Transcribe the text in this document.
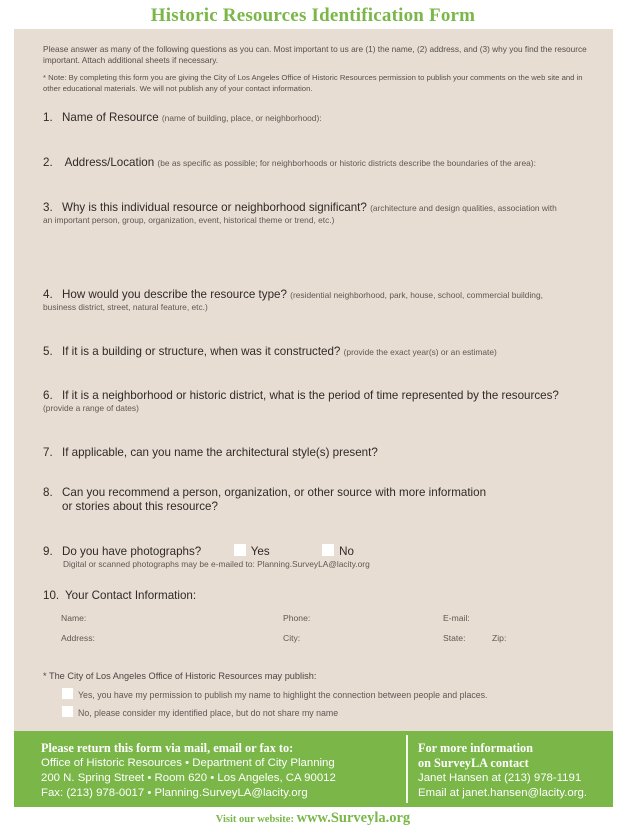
Historic Resources Identification Form
Please answer as many of the following questions as you can. Most important to us are (1) the name, (2) address, and (3) why you find the resource important. Attach additional sheets if necessary.
* Note: By completing this form you are giving the City of Los Angeles Office of Historic Resources permission to publish your comments on the web site and in other educational materials. We will not publish any of your contact information.
1. Name of Resource (name of building, place, or neighborhood):
2. Address/Location (be as specific as possible; for neighborhoods or historic districts describe the boundaries of the area):
3. Why is this individual resource or neighborhood significant? (architecture and design qualities, association with
an important person, group, organization, event, historical theme or trend, etc.)
4. How would you describe the resource type? (residential neighborhood, park, house, school, commercial building,
business district, street, natural feature, etc.)
5. If it is a building or structure, when was it constructed? (provide the exact year(s) or an estimate)
6. If it is a neighborhood or historic district, what is the period of time represented by the resources?
(provide a range of dates)
7. If applicable, can you name the architectural style(s) present?
8. Can you recommend a person, organization, or other source with more information
or stories about this resource?
9. Do you have photographs?	Yes	No
Digital or scanned photographs may be e-mailed to: Planning.SurveyLA@lacity.org
10. Your Contact Information:
Name:	Phone:	E-mail:
Address:	City:	State:	Zip:
* The City of Los Angeles Office of Historic Resources may publish:
Yes, you have my permission to publish my name to highlight the connection between people and places.
No, please consider my identified place, but do not share my name
Please return this form via mail, email or fax to:
Office of Historic Resources • Department of City Planning
200 N. Spring Street • Room 620 • Los Angeles, CA 90012
Fax: (213) 978-0017 • Planning.SurveyLA@lacity.org
For more information
on SurveyLA contact
Janet Hansen at (213) 978-1191
Email at janet.hansen@lacity.org.
Visit our website: www.Surveyla.org
